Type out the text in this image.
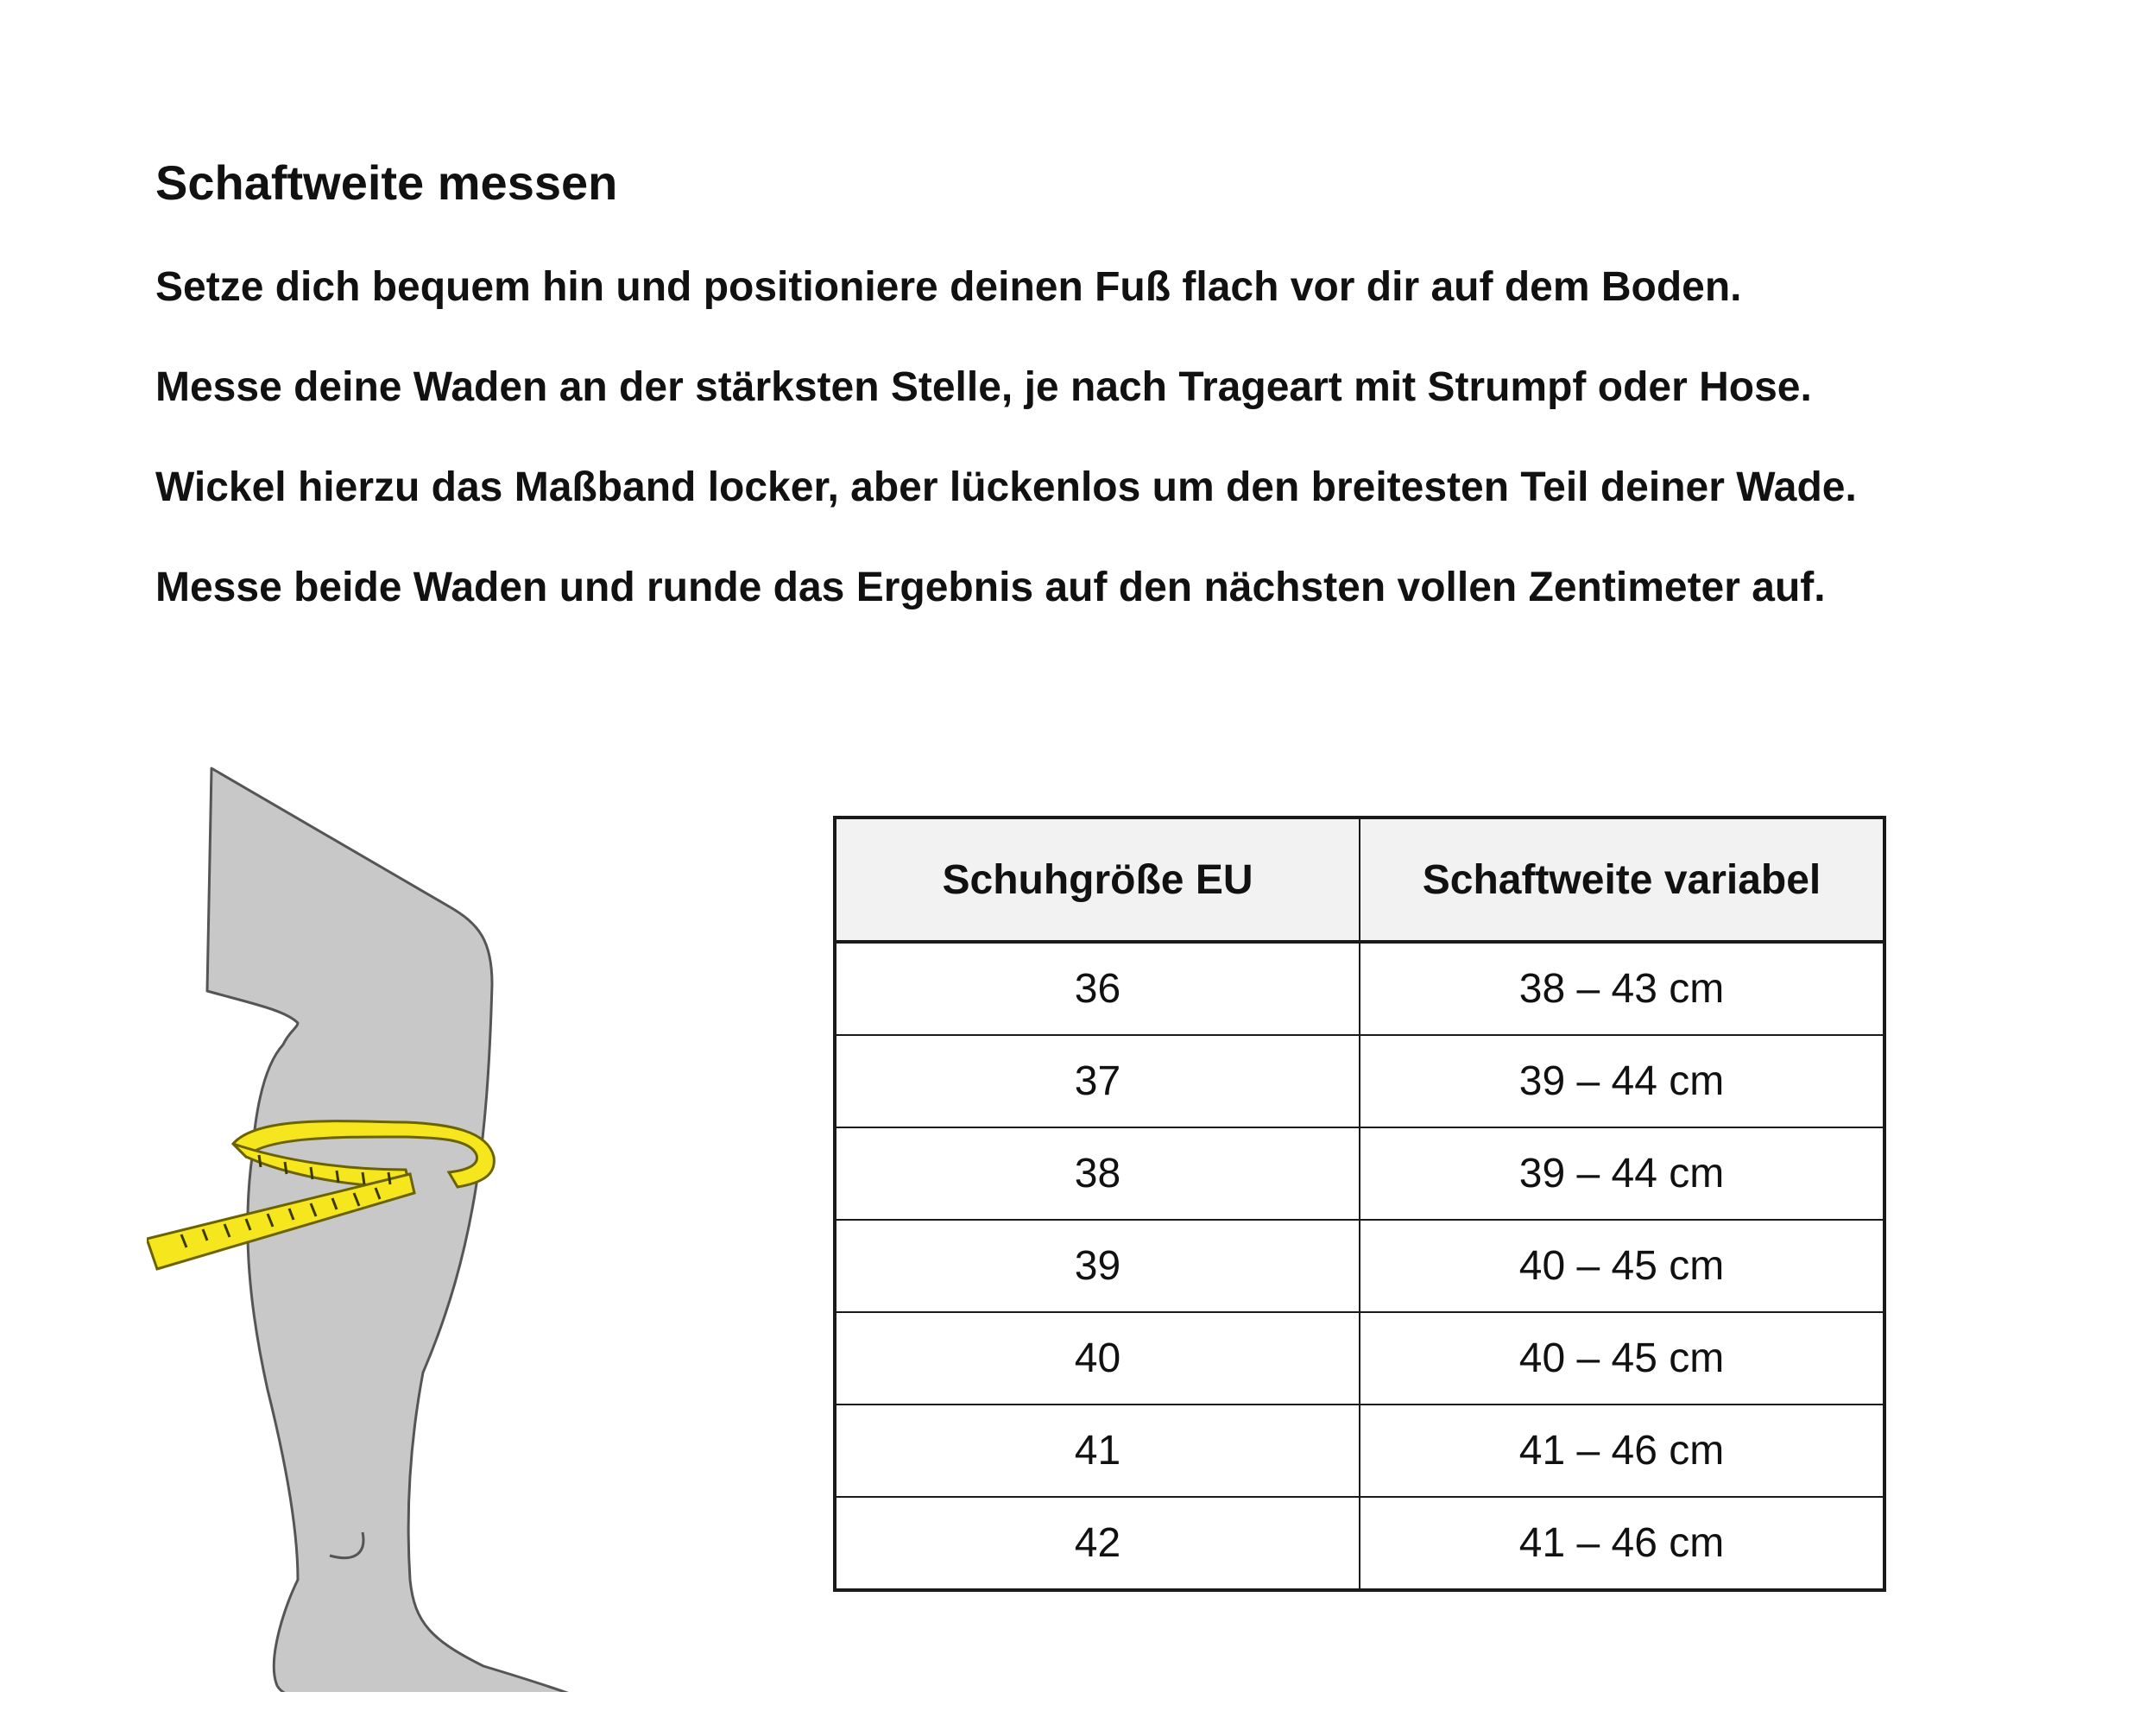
Schaftweite messen
Setze dich bequem hin und positioniere deinen Fuß flach vor dir auf dem Boden.
Messe deine Waden an der stärksten Stelle, je nach Trageart mit Strumpf oder Hose.
Wickel hierzu das Maßband locker, aber lückenlos um den breitesten Teil deiner Wade.
Messe beide Waden und runde das Ergebnis auf den nächsten vollen Zentimeter auf.
Schuhgröße EU	Schaftweite variabel
36	38 – 43 cm
37	39 – 44 cm
38	39 – 44 cm
39	40 – 45 cm
40	40 – 45 cm
41	41 – 46 cm
42	41 – 46 cm
